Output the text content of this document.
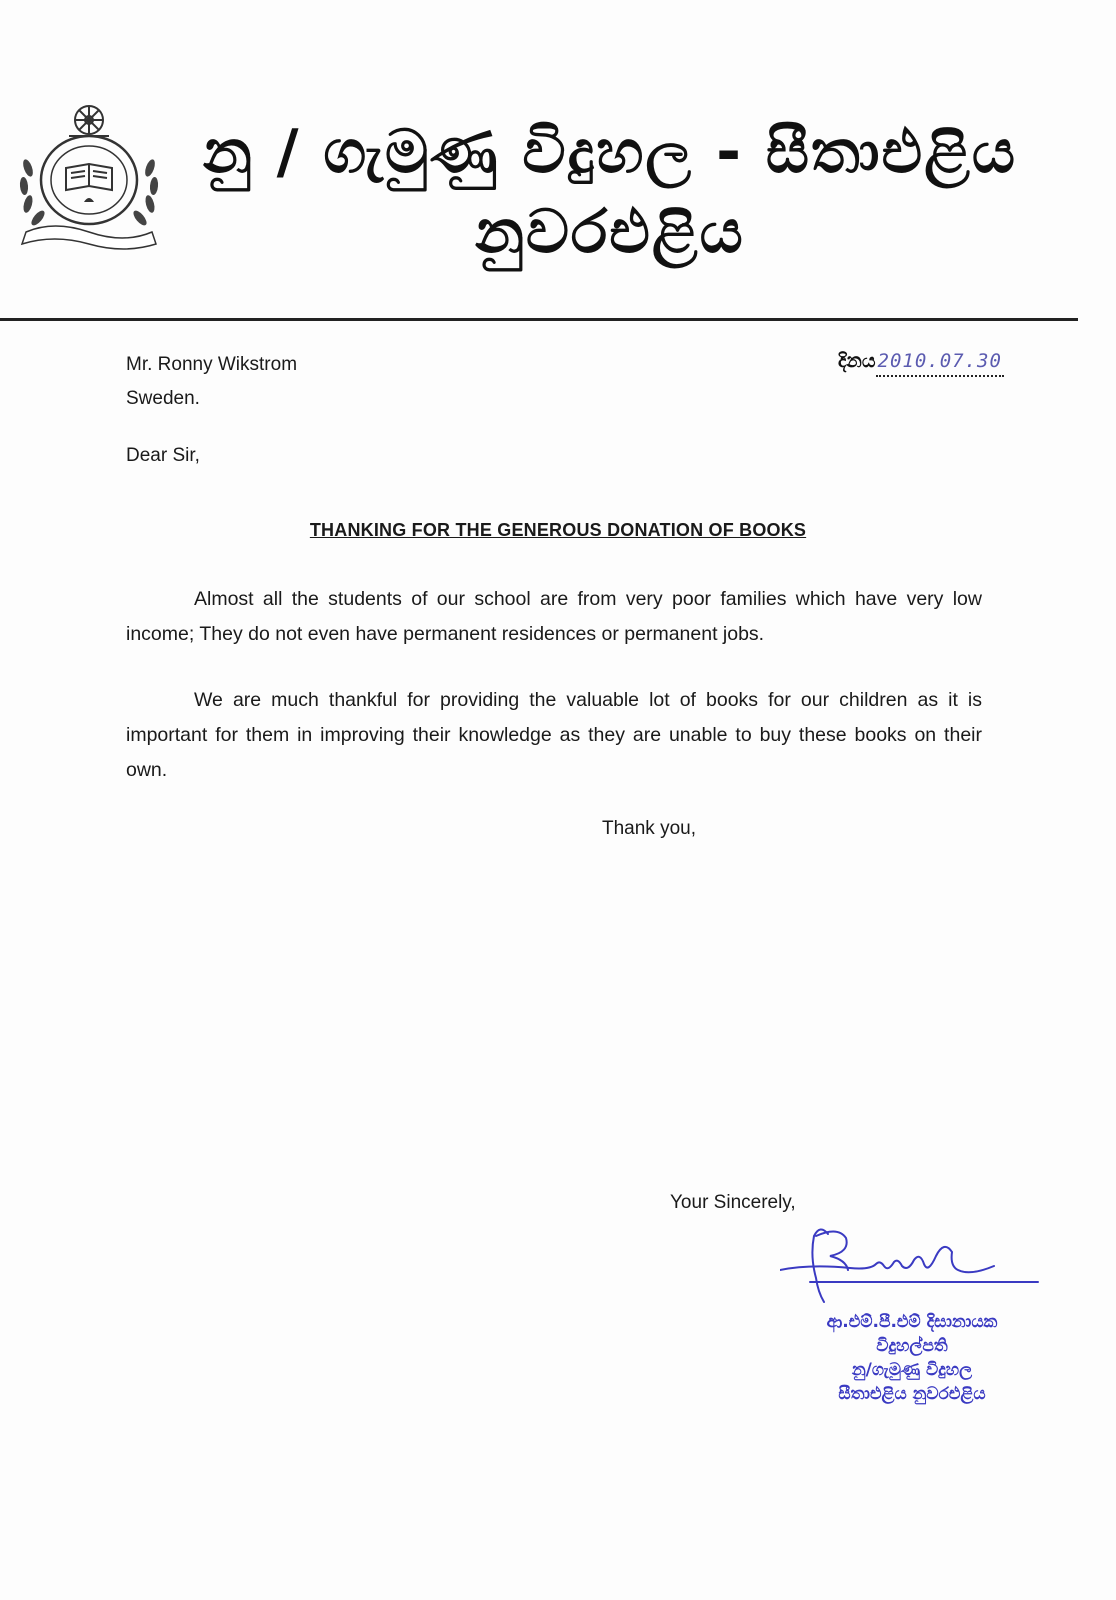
නු / ගැමුණු විදුහල - සීතාඑළිය
නුවරඑළිය
Mr. Ronny Wikstrom
Sweden.
දිනය 2010.07.30
Dear Sir,
THANKING FOR THE GENEROUS DONATION OF BOOKS
Almost all the students of our school are from very poor families which have very low income; They do not even have permanent residences or permanent jobs.
We are much thankful for providing the valuable lot of books for our children as it is important for them in improving their knowledge as they are unable to buy these books on their own.
Thank you,
Your Sincerely,
ආ.එම්.පී.එම් දිසානායක
විදුහල්පති
නු/ගැමුණු විදුහල
සීතාඑළිය නුවරඑළිය
